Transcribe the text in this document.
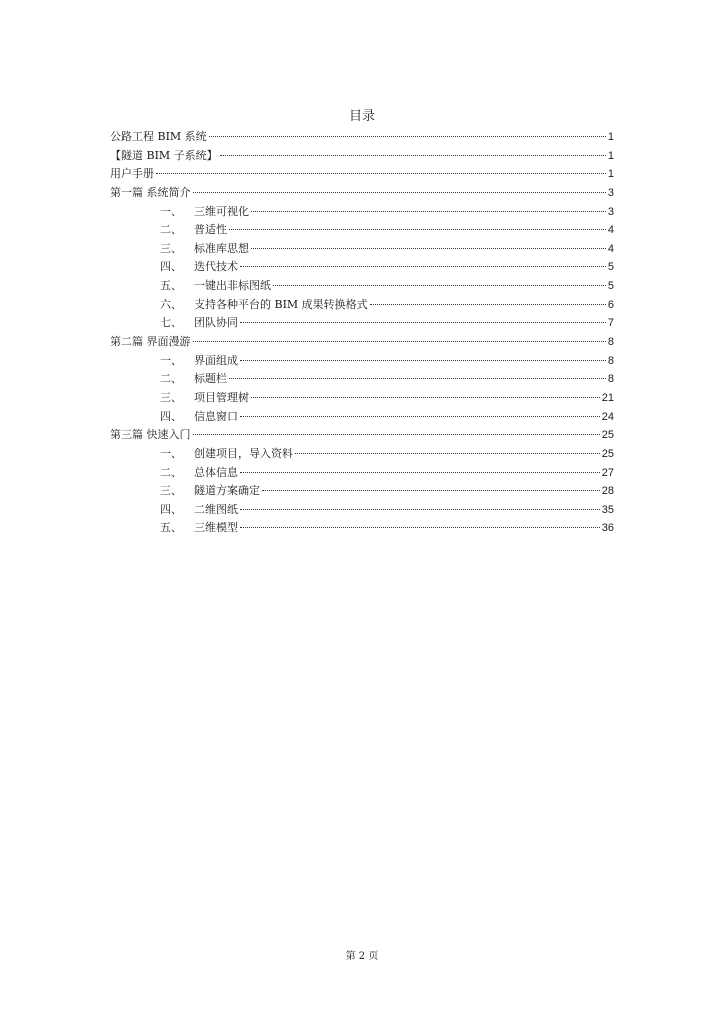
目录
公路工程 BIM 系统	1
【隧道 BIM 子系统】	1
用户手册	1
第一篇 系统简介	3
一、	三维可视化	3
二、	普适性	4
三、	标准库思想	4
四、	迭代技术	5
五、	一键出非标图纸	5
六、	支持各种平台的 BIM 成果转换格式	6
七、	团队协同	7
第二篇 界面漫游	8
一、	界面组成	8
二、	标题栏	8
三、	项目管理树	21
四、	信息窗口	24
第三篇 快速入门	25
一、	创建项目，导入资料	25
二、	总体信息	27
三、	隧道方案确定	28
四、	二维图纸	35
五、	三维模型	36
第 2 页
